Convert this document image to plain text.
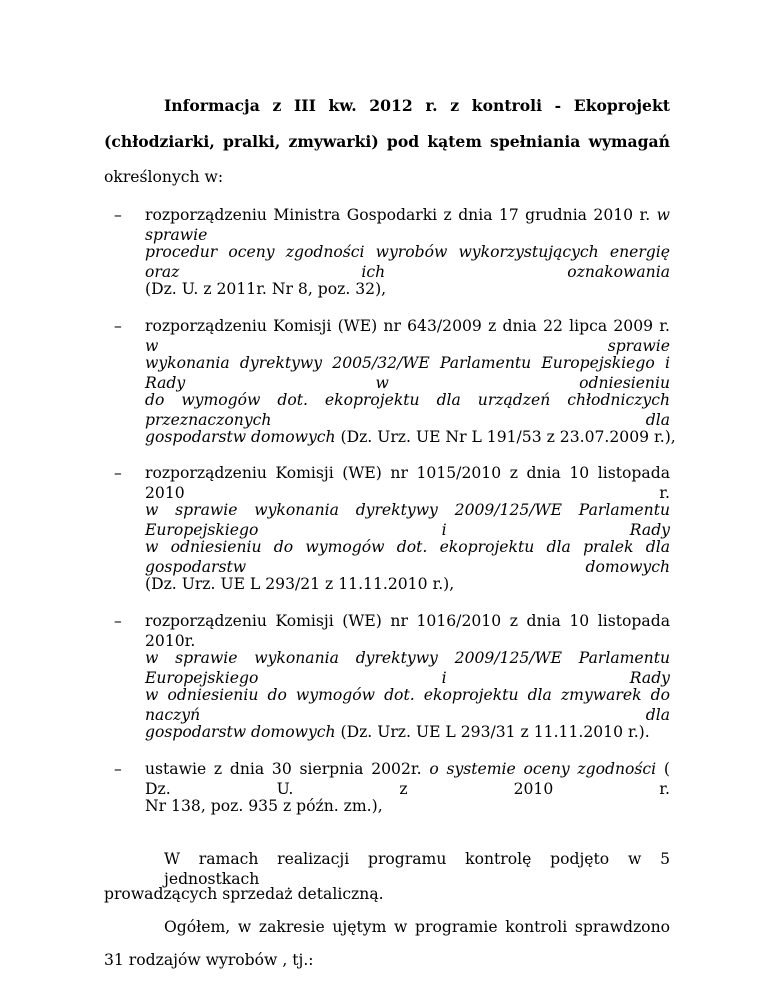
Informacja z III kw. 2012 r. z kontroli - Ekoprojekt
(chłodziarki, pralki, zmywarki) pod kątem spełniania wymagań
określonych w:
– rozporządzeniu Ministra Gospodarki z dnia 17 grudnia 2010 r. w sprawie
procedur oceny zgodności wyrobów wykorzystujących energię oraz ich oznakowania
(Dz. U. z 2011r. Nr 8, poz. 32),
– rozporządzeniu Komisji (WE) nr 643/2009 z dnia 22 lipca 2009 r. w sprawie
wykonania dyrektywy 2005/32/WE Parlamentu Europejskiego i Rady w odniesieniu
do wymogów dot. ekoprojektu dla urządzeń chłodniczych przeznaczonych dla
gospodarstw domowych (Dz. Urz. UE Nr L 191/53 z 23.07.2009 r.),
– rozporządzeniu Komisji (WE) nr 1015/2010 z dnia 10 listopada 2010 r.
w sprawie wykonania dyrektywy 2009/125/WE Parlamentu Europejskiego i Rady
w odniesieniu do wymogów dot. ekoprojektu dla pralek dla gospodarstw domowych
(Dz. Urz. UE L 293/21 z 11.11.2010 r.),
– rozporządzeniu Komisji (WE) nr 1016/2010 z dnia 10 listopada 2010r.
w sprawie wykonania dyrektywy 2009/125/WE Parlamentu Europejskiego i Rady
w odniesieniu do wymogów dot. ekoprojektu dla zmywarek do naczyń dla
gospodarstw domowych (Dz. Urz. UE L 293/31 z 11.11.2010 r.).
– ustawie z dnia 30 sierpnia 2002r. o systemie oceny zgodności ( Dz. U. z 2010 r.
Nr 138, poz. 935 z późn. zm.),
W ramach realizacji programu kontrolę podjęto w 5 jednostkach
prowadzących sprzedaż detaliczną.
Ogółem, w zakresie ujętym w programie kontroli sprawdzono
31 rodzajów wyrobów , tj.:
